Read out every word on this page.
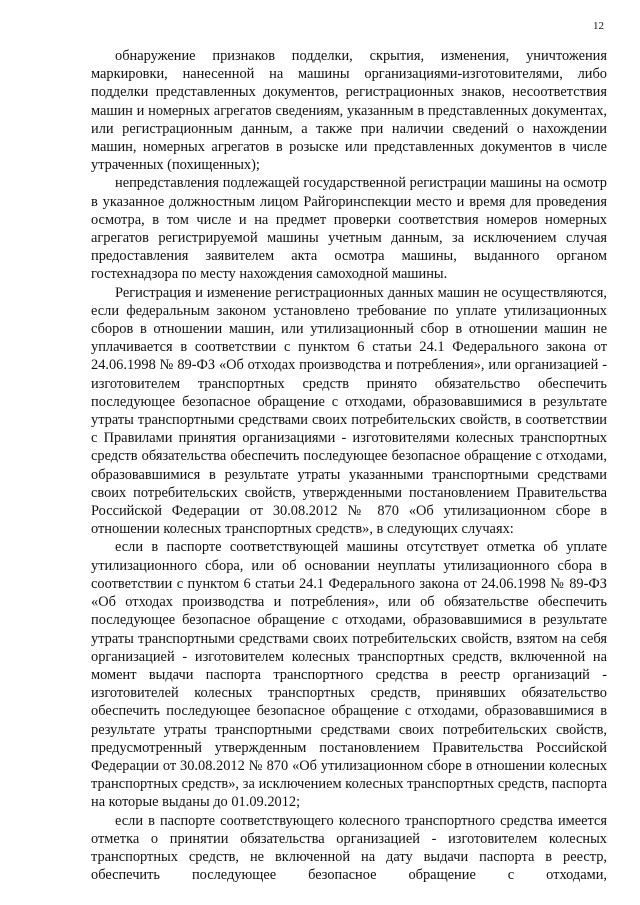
12

обнаружение признаков подделки, скрытия, изменения, уничтожения маркировки, нанесенной на машины организациями-изготовителями, либо подделки представленных документов, регистрационных знаков, несоответствия машин и номерных агрегатов сведениям, указанным в представленных документах, или регистрационным данным, а также при наличии сведений о нахождении машин, номерных агрегатов в розыске или представленных документов в числе утраченных (похищенных);

непредставления подлежащей государственной регистрации машины на осмотр в указанное должностным лицом Райгоринспекции место и время для проведения осмотра, в том числе и на предмет проверки соответствия номеров номерных агрегатов регистрируемой машины учетным данным, за исключением случая предоставления заявителем акта осмотра машины, выданного органом гостехнадзора по месту нахождения самоходной машины.

Регистрация и изменение регистрационных данных машин не осуществляются, если федеральным законом установлено требование по уплате утилизационных сборов в отношении машин, или утилизационный сбор в отношении машин не уплачивается в соответствии с пунктом 6 статьи 24.1 Федерального закона от 24.06.1998 № 89-ФЗ «Об отходах производства и потребления», или организацией - изготовителем транспортных средств принято обязательство обеспечить последующее безопасное обращение с отходами, образовавшимися в результате утраты транспортными средствами своих потребительских свойств, в соответствии с Правилами принятия организациями - изготовителями колесных транспортных средств обязательства обеспечить последующее безопасное обращение с отходами, образовавшимися в результате утраты указанными транспортными средствами своих потребительских свойств, утвержденными постановлением Правительства Российской Федерации от 30.08.2012 № 870 «Об утилизационном сборе в отношении колесных транспортных средств», в следующих случаях:

если в паспорте соответствующей машины отсутствует отметка об уплате утилизационного сбора, или об основании неуплаты утилизационного сбора в соответствии с пунктом 6 статьи 24.1 Федерального закона от 24.06.1998 № 89-ФЗ «Об отходах производства и потребления», или об обязательстве обеспечить последующее безопасное обращение с отходами, образовавшимися в результате утраты транспортными средствами своих потребительских свойств, взятом на себя организацией - изготовителем колесных транспортных средств, включенной на момент выдачи паспорта транспортного средства в реестр организаций - изготовителей колесных транспортных средств, принявших обязательство обеспечить последующее безопасное обращение с отходами, образовавшимися в результате утраты транспортными средствами своих потребительских свойств, предусмотренный утвержденным постановлением Правительства Российской Федерации от 30.08.2012 № 870 «Об утилизационном сборе в отношении колесных транспортных средств», за исключением колесных транспортных средств, паспорта на которые выданы до 01.09.2012;

если в паспорте соответствующего колесного транспортного средства имеется отметка о принятии обязательства организацией - изготовителем колесных транспортных средств, не включенной на дату выдачи паспорта в реестр, обеспечить последующее безопасное обращение с отходами,
